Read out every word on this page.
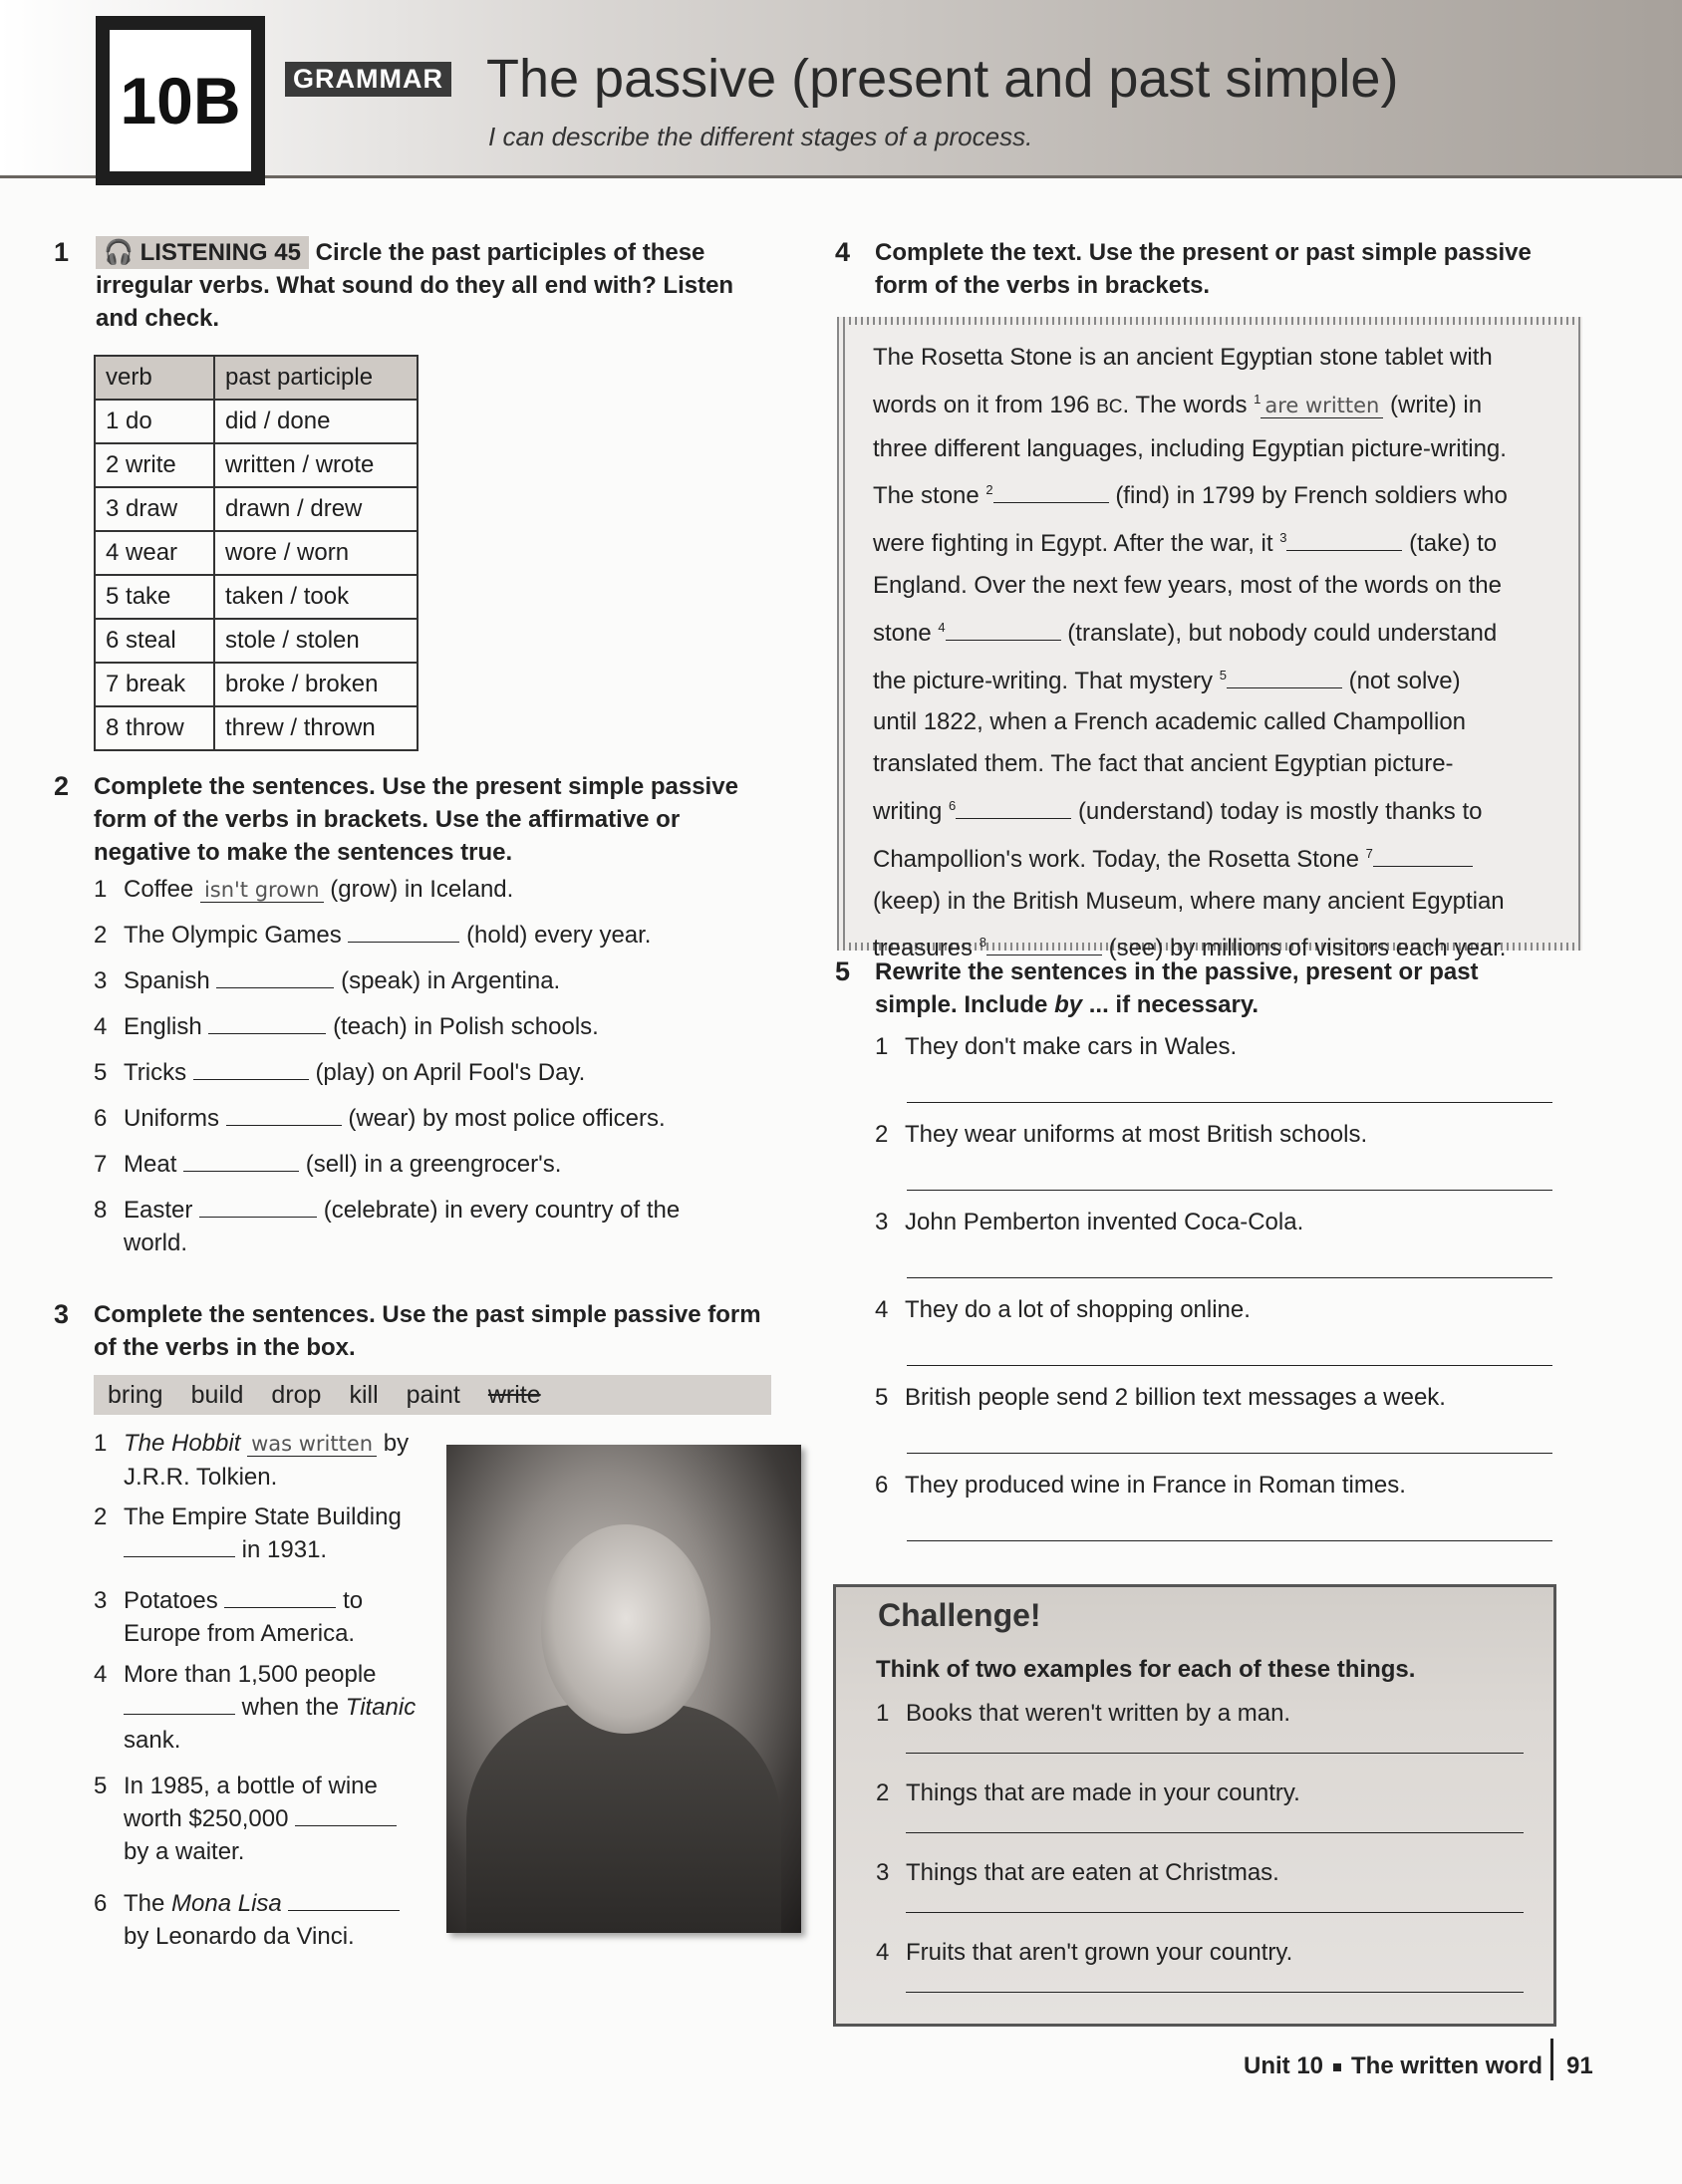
10B	GRAMMAR The passive (present and past simple)
I can describe the different stages of a process.
1	🎧 LISTENING 45 Circle the past participles of these
irregular verbs. What sound do they all end with? Listen
and check.
verb	past participle
1 do	did / done
2 write	written / wrote
3 draw	drawn / drew
4 wear	wore / worn
5 take	taken / took
6 steal	stole / stolen
7 break	broke / broken
8 throw	threw / thrown
2 Complete the sentences. Use the present simple passive
form of the verbs in brackets. Use the affirmative or
negative to make the sentences true.
1 Coffee isn't grown (grow) in Iceland.
2 The Olympic Games	(hold) every year.
3 Spanish	(speak) in Argentina.
4 English	(teach) in Polish schools.
5 Tricks	(play) on April Fool's Day.
6 Uniforms	(wear) by most police officers.
7 Meat	(sell) in a greengrocer's.
8 Easter	(celebrate) in every country of the
world.
3 Complete the sentences. Use the past simple passive form
of the verbs in the box.
bring build drop kill paint write
1 The Hobbit was written by
J.R.R. Tolkien.
2 The Empire State Building
in 1931.
3 Potatoes	to
Europe from America.
4 More than 1,500 people
when the Titanic
sank.
5 In 1985, a bottle of wine
worth $250,000
by a waiter.
6 The Mona Lisa
by Leonardo da Vinci.
4 Complete the text. Use the present or past simple passive
form of the verbs in brackets.
The Rosetta Stone is an ancient Egyptian stone tablet with
words on it from 196 BC. The words $^1$ are written (write) in
three different languages, including Egyptian picture-writing.
The stone $^2$	(find) in 1799 by French soldiers who
were fighting in Egypt. After the war, it $^3$	(take) to
England. Over the next few years, most of the words on the
stone $^4$	(translate), but nobody could understand
the picture-writing. That mystery $^5$	(not solve)
until 1822, when a French academic called Champollion
translated them. The fact that ancient Egyptian picture-
writing $^6$	(understand) today is mostly thanks to
Champollion's work. Today, the Rosetta Stone $^7$
(keep) in the British Museum, where many ancient Egyptian
treasures $^8$	(see) by millions of visitors each year.
5 Rewrite the sentences in the passive, present or past
simple. Include by ... if necessary.
1 They don't make cars in Wales.
2 They wear uniforms at most British schools.
3 John Pemberton invented Coca-Cola.
4 They do a lot of shopping online.
5 British people send 2 billion text messages a week.
6 They produced wine in France in Roman times.
Challenge!
Think of two examples for each of these things.
1 Books that weren't written by a man.
2 Things that are made in your country.
3 Things that are eaten at Christmas.
4 Fruits that aren't grown your country.
Unit 10 The written word 91
